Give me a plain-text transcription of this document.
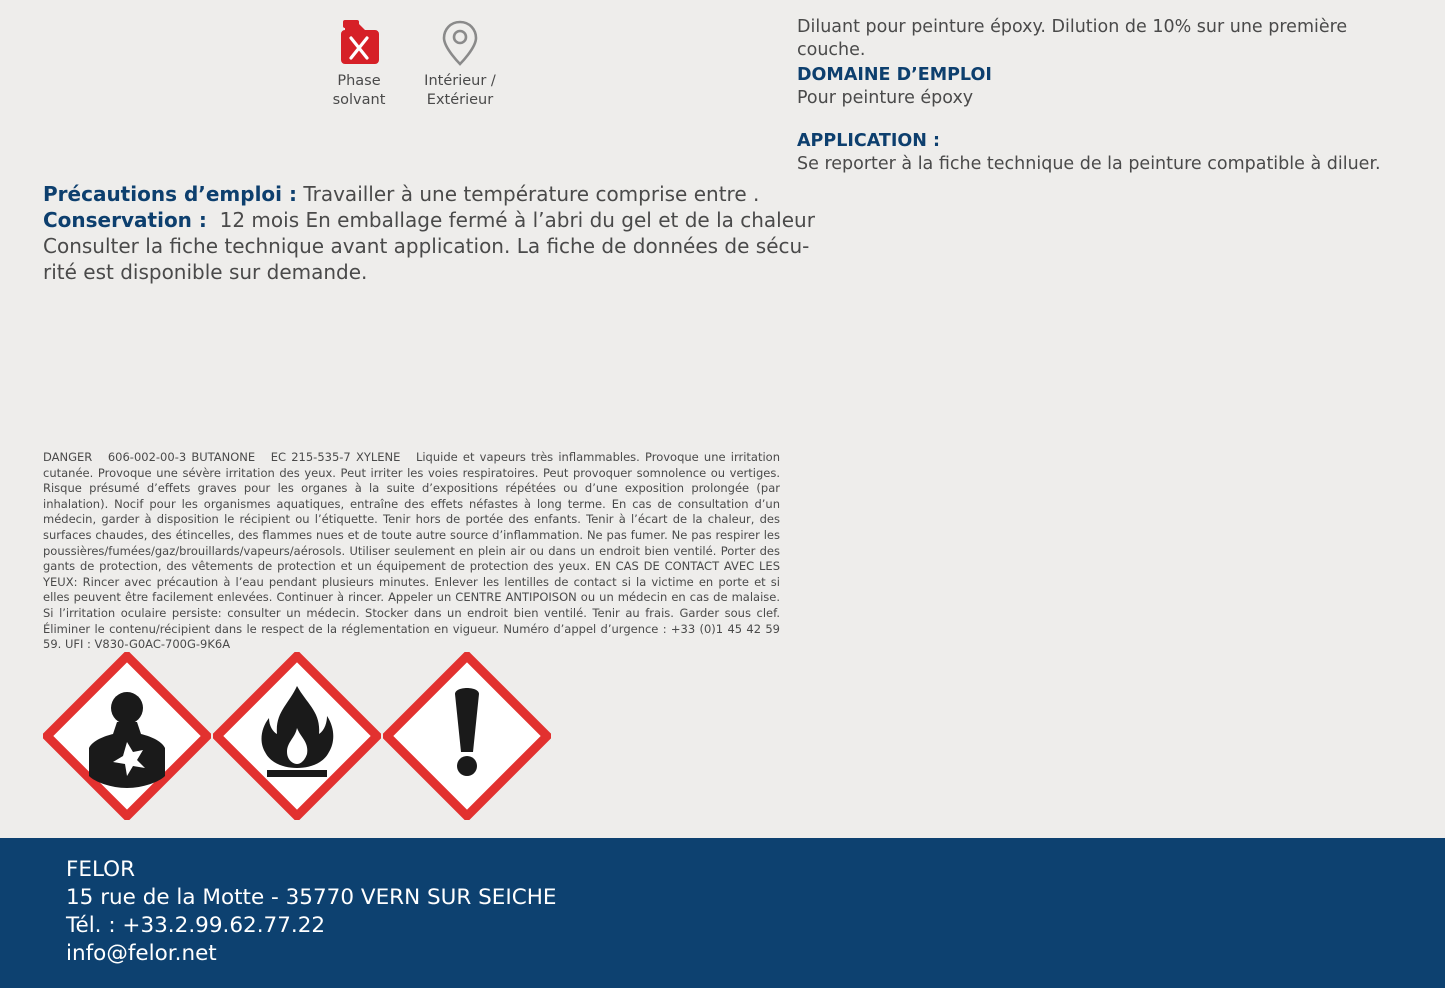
Phase
solvant
Intérieur /
Extérieur

Diluant pour peinture époxy. Dilution de 10% sur une première couche.

DOMAINE D’EMPLOI

Pour peinture époxy

APPLICATION :

Se reporter à la fiche technique de la peinture compatible à diluer.

Précautions d’emploi : Travailler à une température comprise entre .
Conservation :  12 mois En emballage fermé à l’abri du gel et de la chaleur
Consulter la fiche technique avant application. La fiche de données de sécu-
rité est disponible sur demande.
DANGER   606-002-00-3 BUTANONE   EC 215-535-7 XYLENE   Liquide et vapeurs très inflammables. Provoque une irritation cutanée. Provoque une sévère irritation des yeux. Peut irriter les voies respiratoires. Peut provoquer somnolence ou vertiges. Risque présumé d’effets graves pour les organes à la suite d’expositions répétées ou d’une exposition prolongée (par inhalation). Nocif pour les organismes aquatiques, entraîne des effets néfastes à long terme. En cas de consultation d’un médecin, garder à disposition le récipient ou l’étiquette. Tenir hors de portée des enfants. Tenir à l’écart de la chaleur, des surfaces chaudes, des étincelles, des flammes nues et de toute autre source d’inflammation. Ne pas fumer. Ne pas respirer les poussières/fumées/gaz/brouillards/vapeurs/aérosols. Utiliser seulement en plein air ou dans un endroit bien ventilé. Porter des gants de protection, des vêtements de protection et un équipement de protection des yeux. EN CAS DE CONTACT AVEC LES YEUX: Rincer avec précaution à l’eau pendant plusieurs minutes. Enlever les lentilles de contact si la victime en porte et si elles peuvent être facilement enlevées. Continuer à rincer. Appeler un CENTRE ANTIPOISON ou un médecin en cas de malaise. Si l’irritation oculaire persiste: consulter un médecin. Stocker dans un endroit bien ventilé. Tenir au frais. Garder sous clef. Éliminer le contenu/récipient dans le respect de la réglementation en vigueur. Numéro d’appel d’urgence : +33 (0)1 45 42 59 59. UFI : V830-G0AC-700G-9K6A
FELOR
15 rue de la Motte - 35770 VERN SUR SEICHE
Tél. : +33.2.99.62.77.22
info@felor.net
